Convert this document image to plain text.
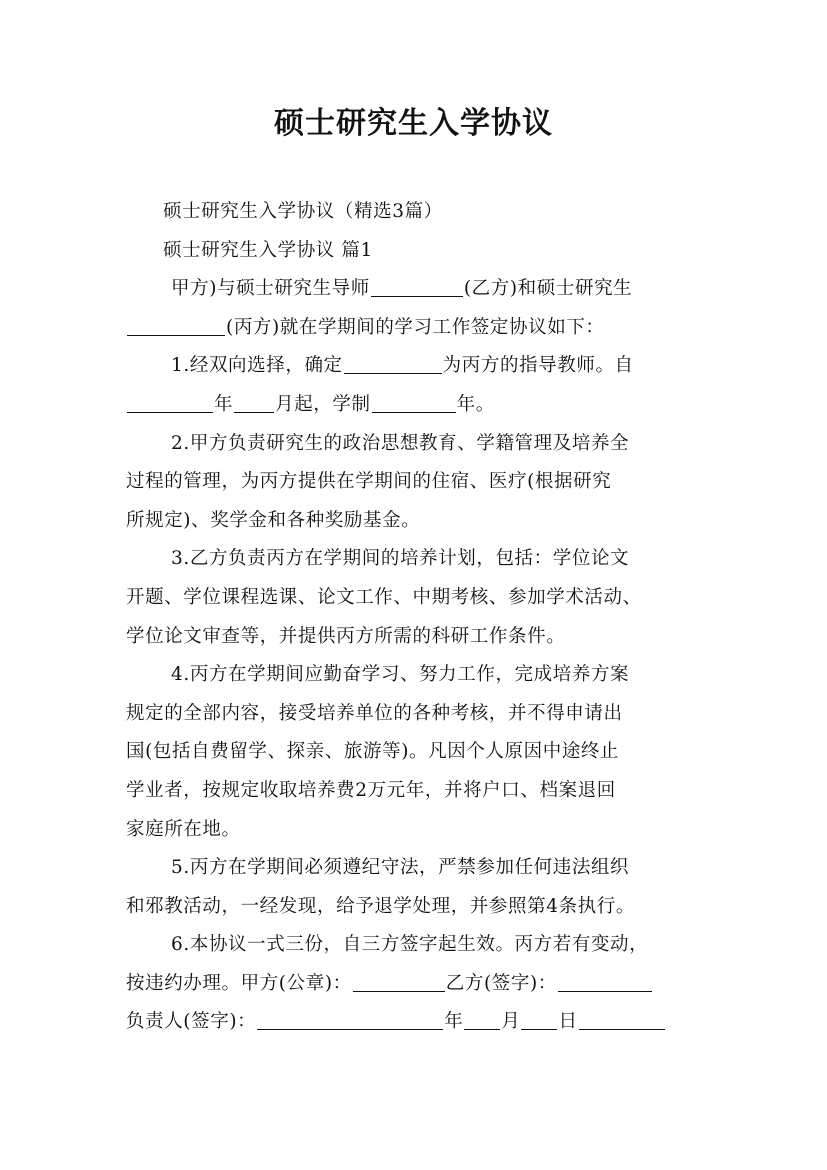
硕士研究生入学协议
硕士研究生入学协议（精选3篇）
硕士研究生入学协议 篇1
甲方)与硕士研究生导师	(乙方)和硕士研究生
(丙方)就在学期间的学习工作签定协议如下：
1.经双向选择，确定	为丙方的指导教师。自
年 月起，学制	年。
2.甲方负责研究生的政治思想教育、学籍管理及培养全
过程的管理，为丙方提供在学期间的住宿、医疗(根据研究
所规定)、奖学金和各种奖励基金。
3.乙方负责丙方在学期间的培养计划，包括：学位论文
开题、学位课程选课、论文工作、中期考核、参加学术活动、
学位论文审查等，并提供丙方所需的科研工作条件。
4.丙方在学期间应勤奋学习、努力工作，完成培养方案
规定的全部内容，接受培养单位的各种考核，并不得申请出
国(包括自费留学、探亲、旅游等)。凡因个人原因中途终止
学业者，按规定收取培养费2万元年，并将户口、档案退回
家庭所在地。
5.丙方在学期间必须遵纪守法，严禁参加任何违法组织
和邪教活动，一经发现，给予退学处理，并参照第4条执行。
6.本协议一式三份，自三方签字起生效。丙方若有变动，
按违约办理。甲方(公章)：	乙方(签字)：
负责人(签字)：	年 月 日
